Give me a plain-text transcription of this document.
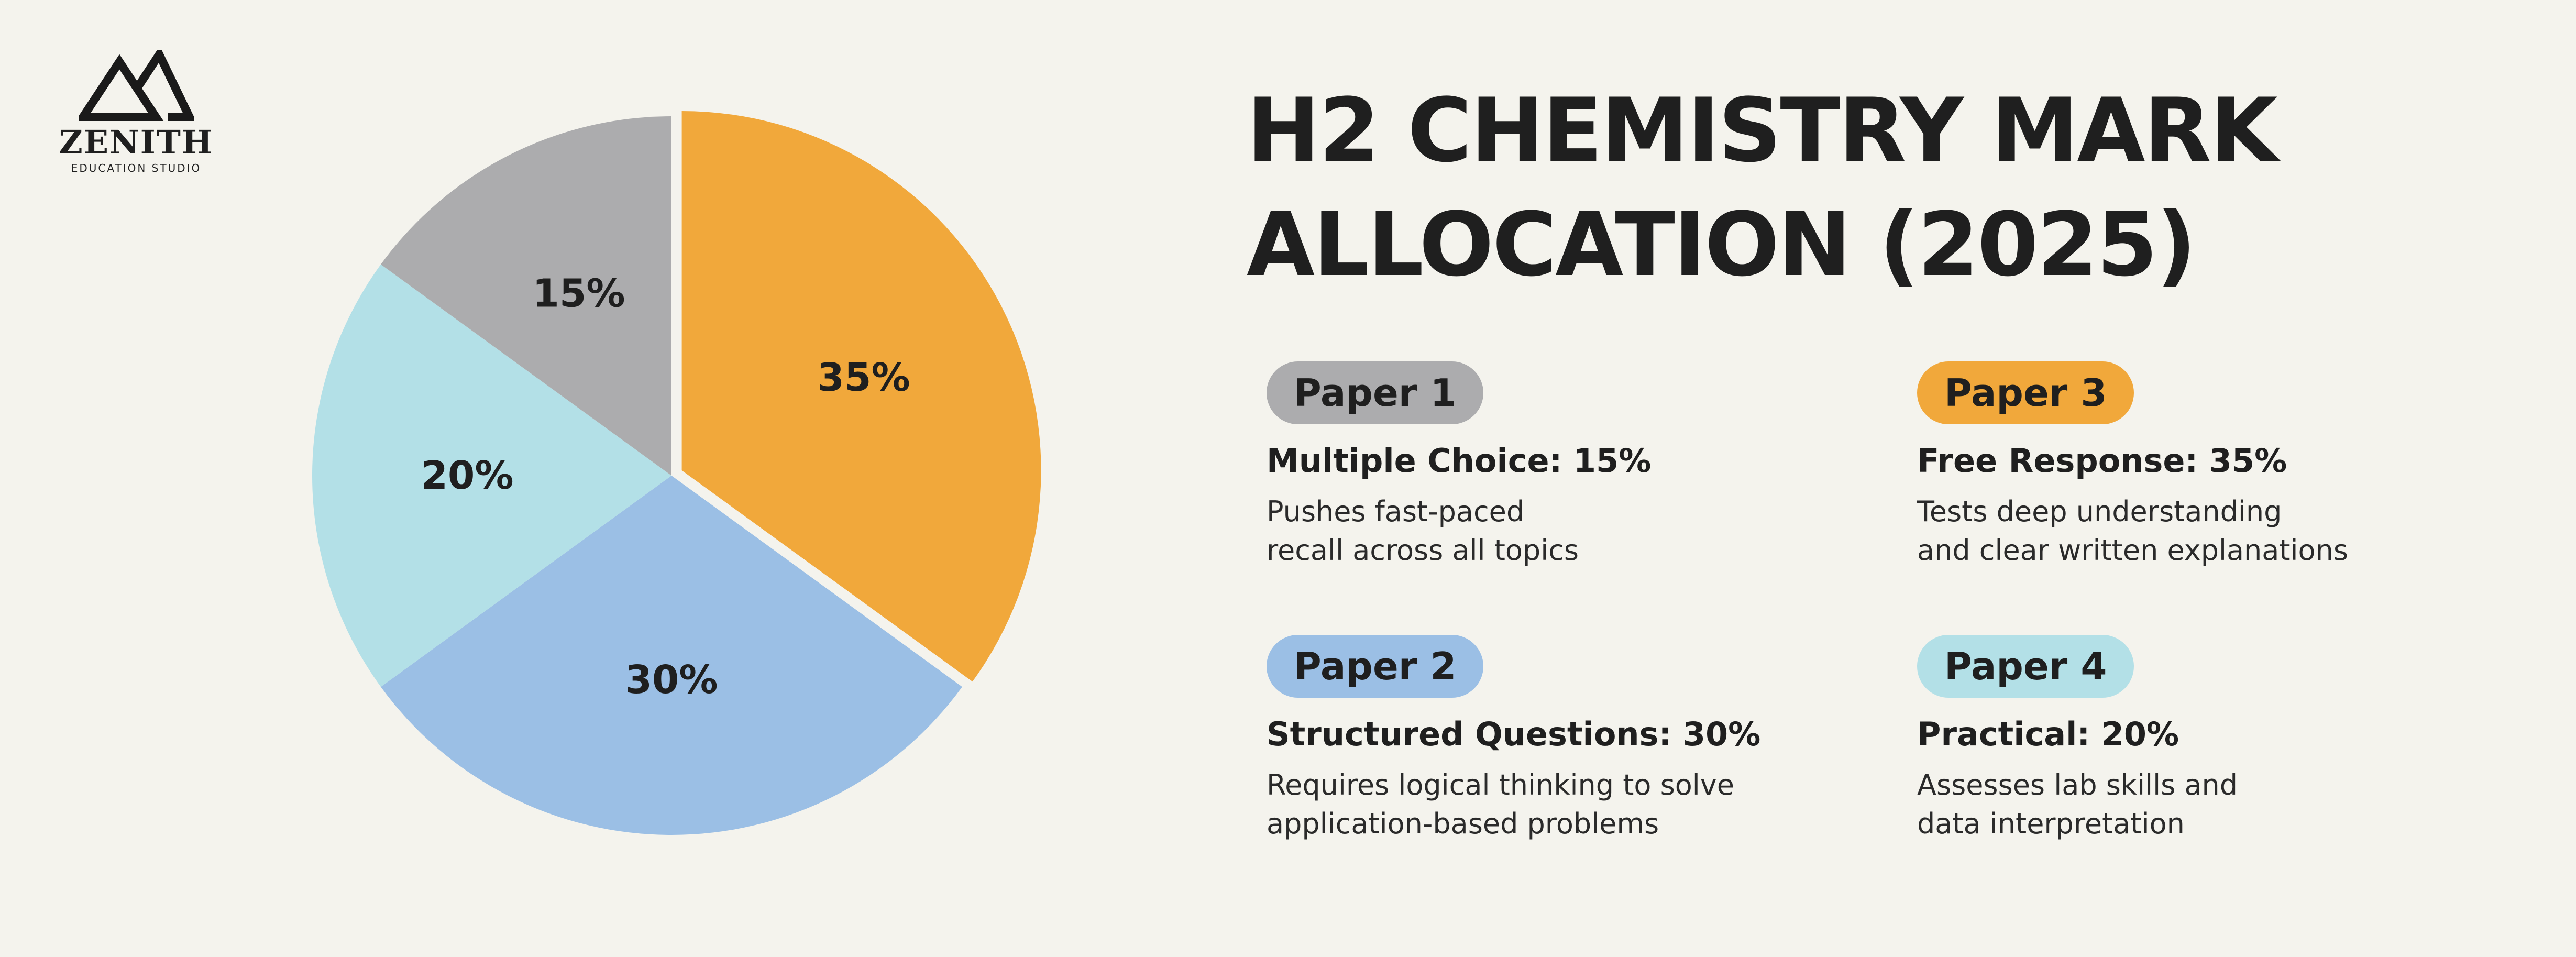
ZENITH
EDUCATION STUDIO
35%
30%
20%
15%
H2 CHEMISTRY MARK
ALLOCATION (2025)
Paper 1
Multiple Choice: 15%
Pushes fast-paced
recall across all topics
Paper 3
Free Response: 35%
Tests deep understanding
and clear written explanations
Paper 2
Structured Questions: 30%
Requires logical thinking to solve
application-based problems
Paper 4
Practical: 20%
Assesses lab skills and
data interpretation
